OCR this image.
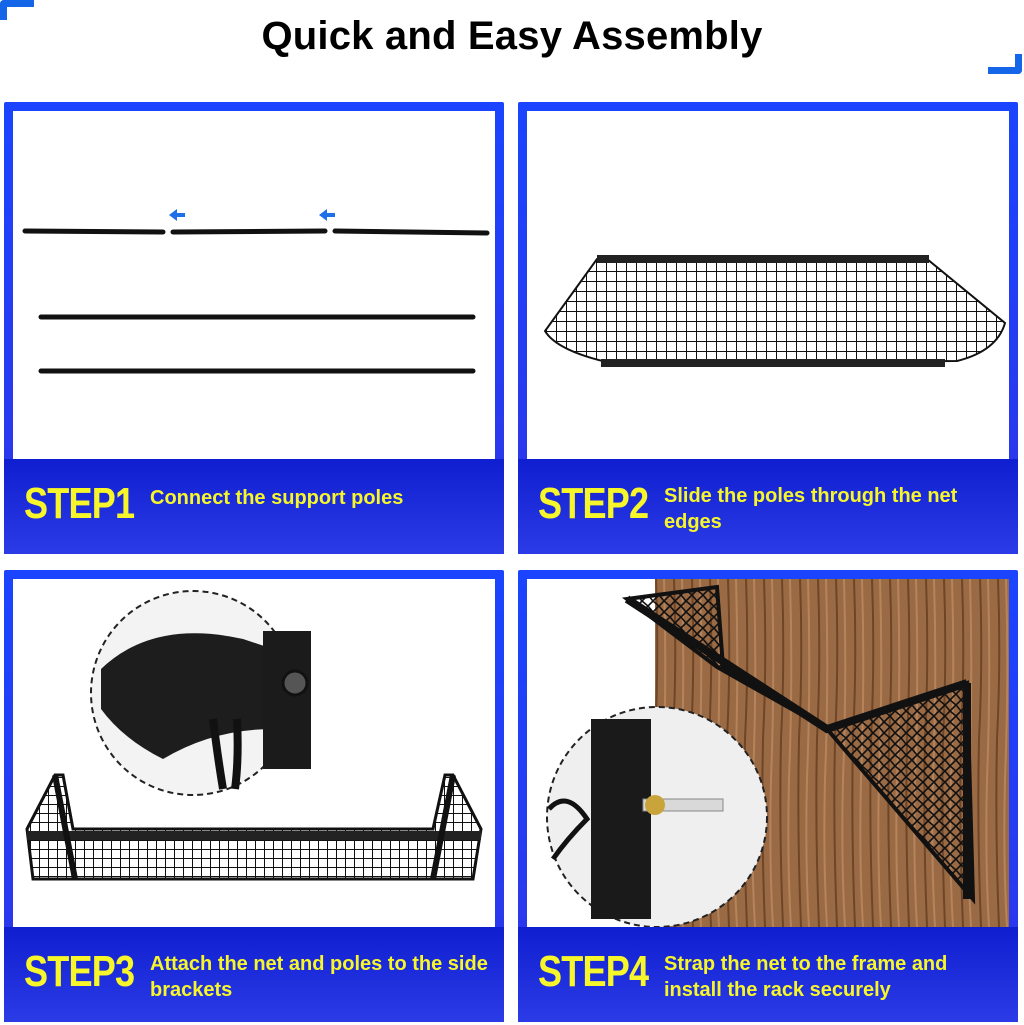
Quick and Easy Assembly
STEP1 Connect the support poles	STEP2 Slide the poles through the net edges
STEP3 Attach the net and poles to the side brackets	STEP4 Strap the net to the frame and install the rack securely
